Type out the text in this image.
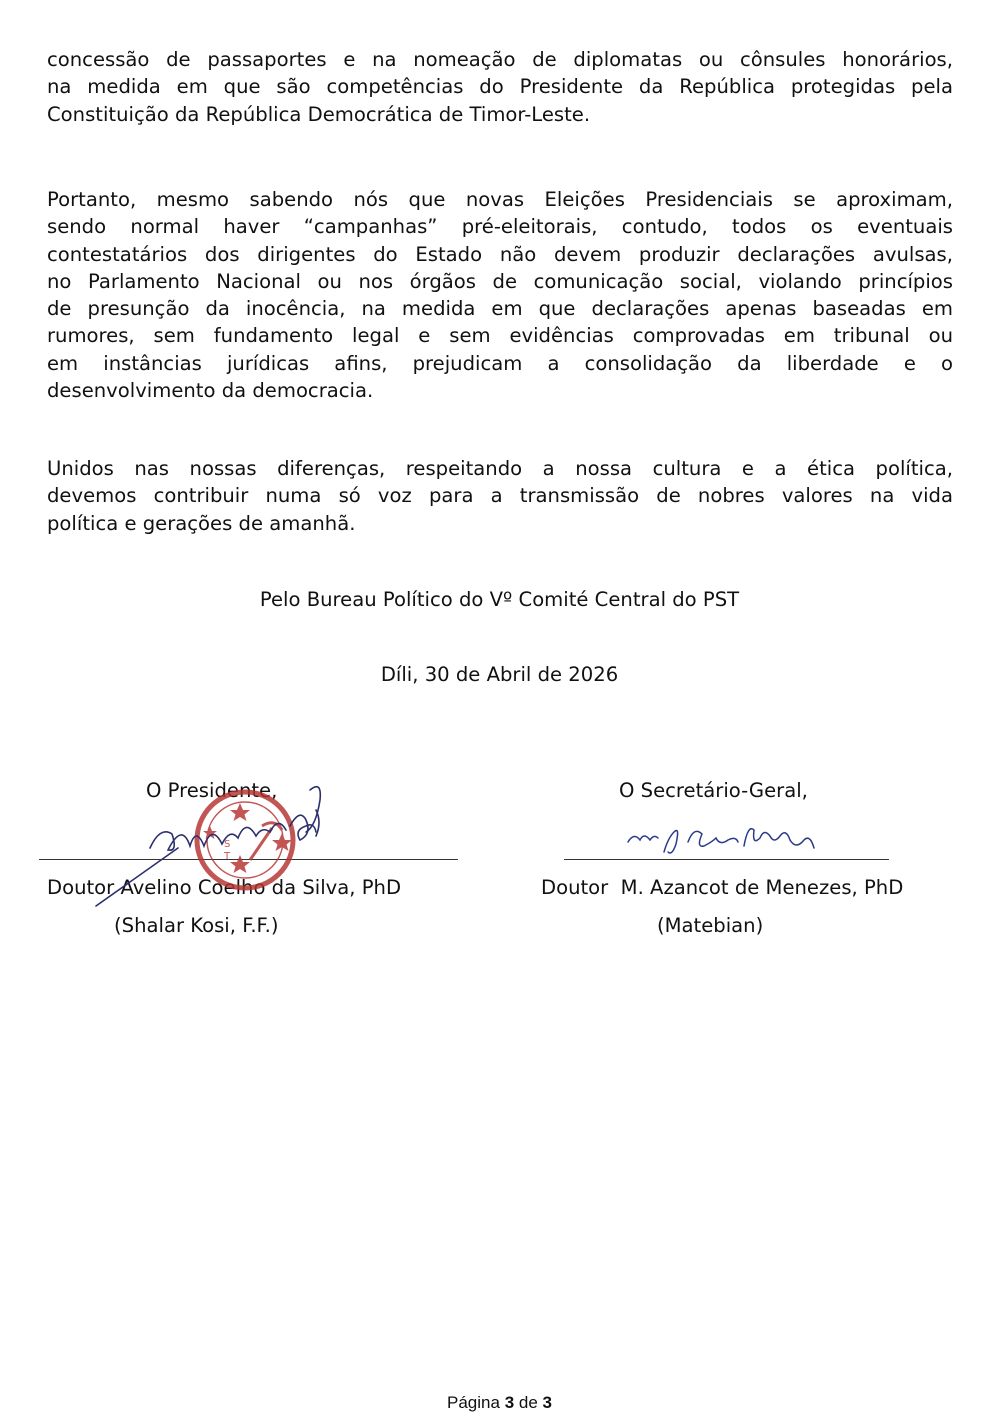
concessão de passaportes e na nomeação de diplomatas ou cônsules honorários,
na medida em que são competências do Presidente da República protegidas pela
Constituição da República Democrática de Timor-Leste.

Portanto, mesmo sabendo nós que novas Eleições Presidenciais se aproximam,
sendo normal haver “campanhas” pré-eleitorais, contudo, todos os eventuais
contestatários dos dirigentes do Estado não devem produzir declarações avulsas,
no Parlamento Nacional ou nos órgãos de comunicação social, violando princípios
de presunção da inocência, na medida em que declarações apenas baseadas em
rumores, sem fundamento legal e sem evidências comprovadas em tribunal ou
em instâncias jurídicas afins, prejudicam a consolidação da liberdade e o
desenvolvimento da democracia.

Unidos nas nossas diferenças, respeitando a nossa cultura e a ética política,
devemos contribuir numa só voz para a transmissão de nobres valores na vida
política e gerações de amanhã.

Pelo Bureau Político do Vº Comité Central do PST
Díli, 30 de Abril de 2026
O Presidente,
Doutor Avelino Coelho da Silva, PhD
(Shalar Kosi, F.F.)
O Secretário-Geral,
Doutor  M. Azancot de Menezes, PhD
(Matebian)
S
T
Página 3 de 3
